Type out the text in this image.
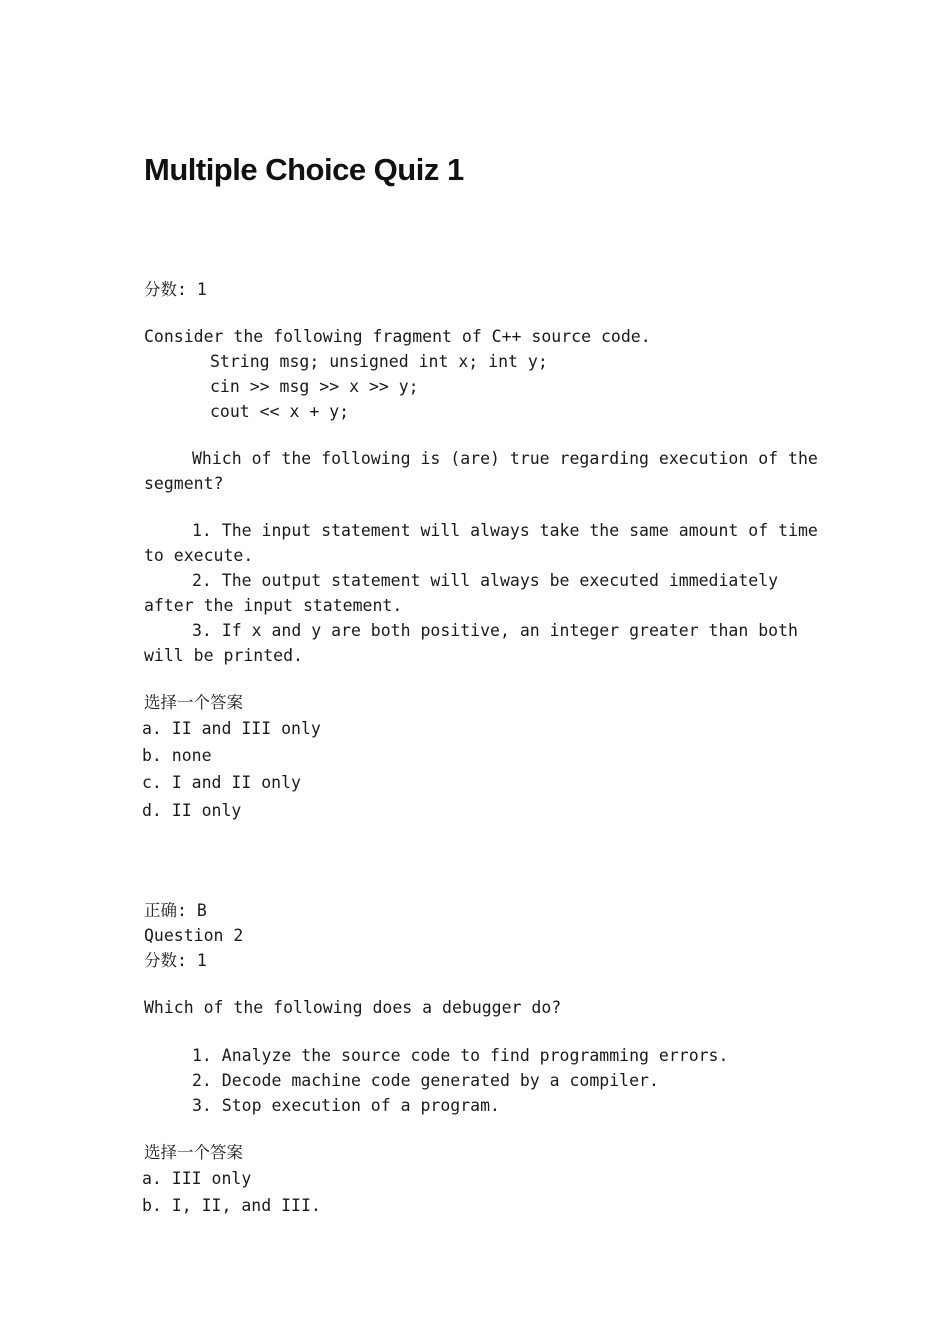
Multiple Choice Quiz 1
分数: 1
Consider the following fragment of C++ source code.
String msg; unsigned int x; int y;
cin >> msg >> x >> y;
cout << x + y;
Which of the following is (are) true regarding execution of the
segment?
1. The input statement will always take the same amount of time
to execute.
2. The output statement will always be executed immediately
after the input statement.
3. If x and y are both positive, an integer greater than both
will be printed.
选择一个答案
a. II and III only
b. none
c. I and II only
d. II only
正确: B
Question 2
分数: 1
Which of the following does a debugger do?
1. Analyze the source code to find programming errors.
2. Decode machine code generated by a compiler.
3. Stop execution of a program.
选择一个答案
a. III only
b. I, II, and III.
